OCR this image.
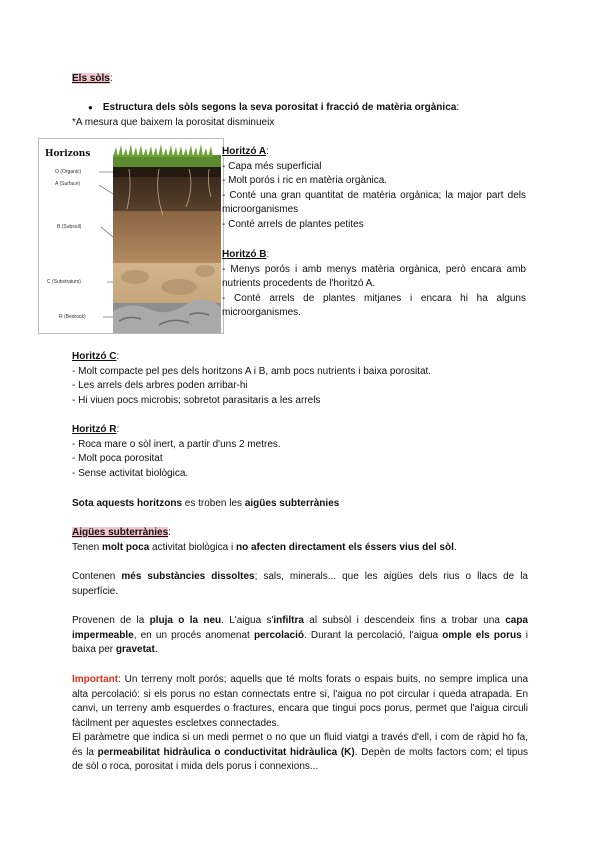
Els sòls:
● Estructura dels sòls segons la seva porositat i fracció de matèria orgànica:
*A mesura que baixem la porositat disminueix
Horizons
O (Organic)
A (Surface)
B (Subsoil)
C (Substratum)
R (Bedrock)
Horitzó A:
- Capa més superficial
- Molt porós i ric en matèria orgànica.
- Conté una gran quantitat de matèria orgànica; la major part dels microorganismes
- Conté arrels de plantes petites
Horitzó B:
- Menys porós i amb menys matèria orgànica, però encara amb nutrients procedents de l'horitzó A.
- Conté arrels de plantes mitjanes i encara hi ha alguns microorganismes.
Horitzó C:
- Molt compacte pel pes dels horitzons A i B, amb pocs nutrients i baixa porositat.
- Les arrels dels arbres poden arribar-hi
- Hi viuen pocs microbis; sobretot parasitaris a les arrels
Horitzó R:
- Roca mare o sòl inert, a partir d'uns 2 metres.
- Molt poca porositat
- Sense activitat biològica.
Sota aquests horitzons es troben les aigües subterrànies
Aigües subterrànies:

Tenen molt poca activitat biològica i no afecten directament els éssers vius del sòl.

Contenen més substàncies dissoltes; sals, minerals... que les aigües dels rius o llacs de la superfície.

Provenen de la pluja o la neu. L'aigua s'infiltra al subsòl i descendeix fins a trobar una capa impermeable, en un procés anomenat percolació. Durant la percolació, l'aigua omple els porus i baixa per gravetat.

Important: Un terreny molt porós; aquells que té molts forats o espais buits, no sempre implica una alta percolació: si els porus no estan connectats entre si, l'aigua no pot circular i queda atrapada. En canvi, un terreny amb esquerdes o fractures, encara que tingui pocs porus, permet que l'aigua circuli fàcilment per aquestes escletxes connectades.

El paràmetre que indica si un medi permet o no que un fluid viatgi a través d'ell, i com de ràpid ho fa, és la permeabilitat hidràulica o conductivitat hidràulica (K). Depèn de molts factors com; el tipus de sòl o roca, porositat i mida dels porus i connexions...
